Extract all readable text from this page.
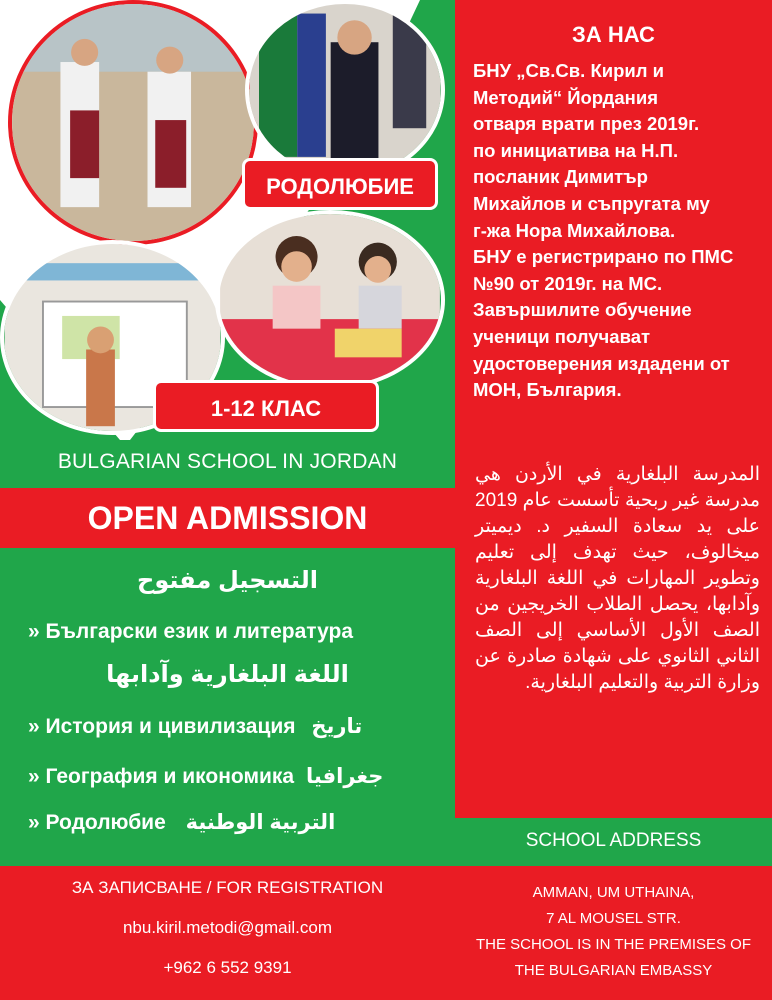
РОДОЛЮБИЕ
1-12 КЛАС
BULGARIAN SCHOOL IN JORDAN
OPEN ADMISSION
التسجيل مفتوح
» Български език и литература
اللغة البلغارية وآدابها
» История и цивилизация تاريخ
» География и икономика جغرافيا
» Родолюбие التربية الوطنية
ЗА НАС

БНУ „Св.Св. Кирил и

Методий“ Йордания

отваря врати през 2019г.

по инициатива на Н.П.

посланик Димитър

Михайлов и съпругата му

г-жа Нора Михайлова.

БНУ е регистрирано по ПМС

№90 от 2019г. на МС.

Завършилите обучение

ученици получават

удостоверения издадени от

МОН, България.

المدرسة البلغارية في الأردن هي مدرسة غير ربحية تأسست عام 2019 على يد سعادة السفير د. ديميتر ميخالوف، حيث تهدف إلى تعليم وتطوير المهارات في اللغة البلغارية وآدابها، يحصل الطلاب الخريجين من الصف الأول الأساسي إلى الصف الثاني الثانوي على شهادة صادرة عن وزارة التربية والتعليم البلغارية.
SCHOOL ADDRESS
AMMAN, UM UTHAINA,
7 AL MOUSEL STR.
THE SCHOOL IS IN THE PREMISES OF
THE BULGARIAN EMBASSY
ЗА ЗАПИСВАНЕ / FOR REGISTRATION
nbu.kiril.metodi@gmail.com
+962 6 552 9391
